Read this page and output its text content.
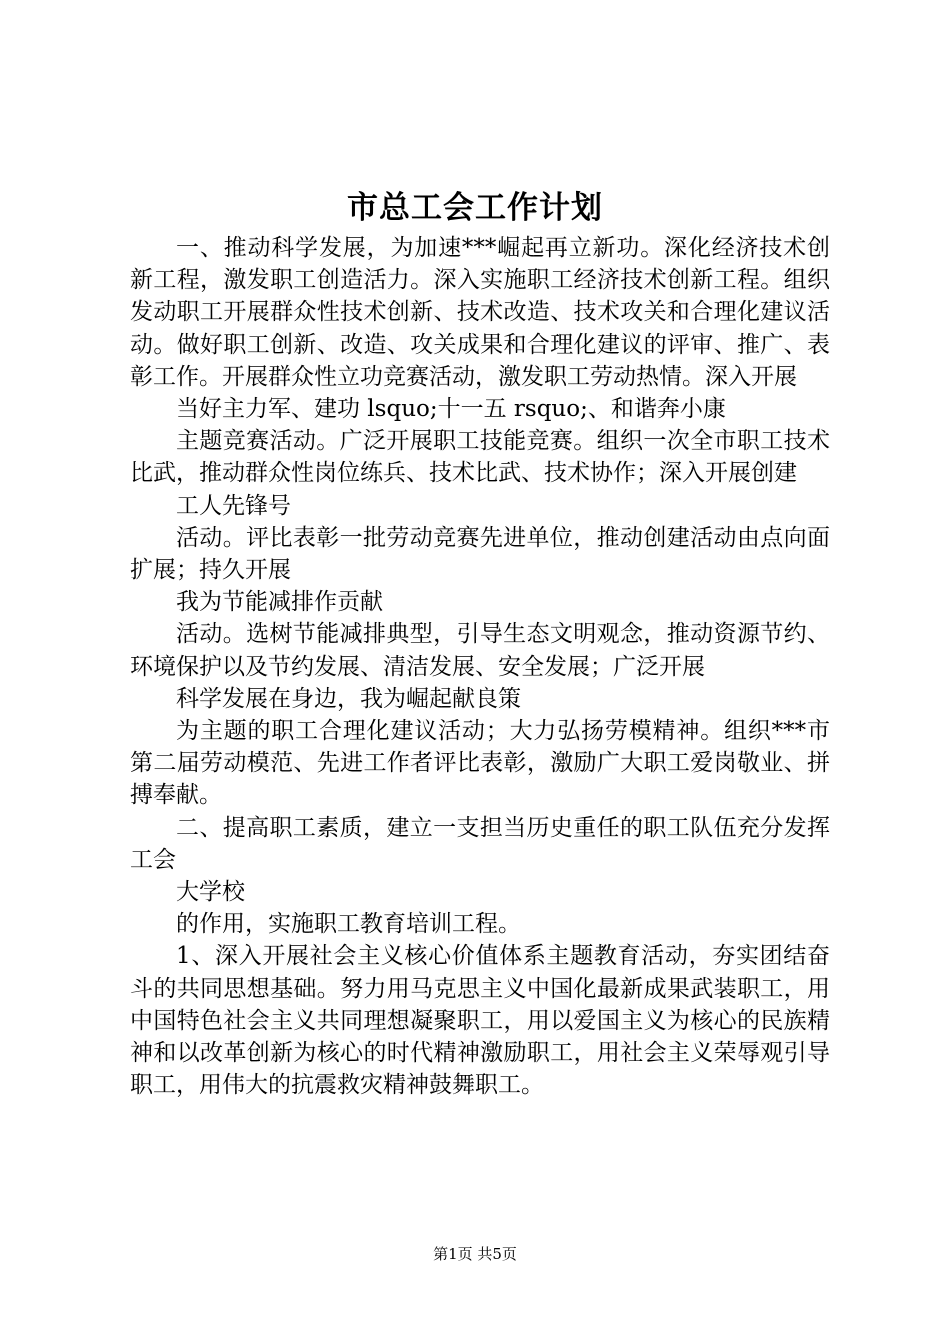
市总工会工作计划

一、推动科学发展，为加速***崛起再立新功。深化经济技术创新工程，激发职工创造活力。深入实施职工经济技术创新工程。组织发动职工开展群众性技术创新、技术改造、技术攻关和合理化建议活动。做好职工创新、改造、攻关成果和合理化建议的评审、推广、表彰工作。开展群众性立功竞赛活动，激发职工劳动热情。深入开展

当好主力军、建功 lsquo;十一五 rsquo;、和谐奔小康

主题竞赛活动。广泛开展职工技能竞赛。组织一次全市职工技术比武，推动群众性岗位练兵、技术比武、技术协作；深入开展创建

工人先锋号

活动。评比表彰一批劳动竞赛先进单位，推动创建活动由点向面扩展；持久开展

我为节能减排作贡献

活动。选树节能减排典型，引导生态文明观念，推动资源节约、环境保护以及节约发展、清洁发展、安全发展；广泛开展

科学发展在身边，我为崛起献良策

为主题的职工合理化建议活动；大力弘扬劳模精神。组织***市第二届劳动模范、先进工作者评比表彰，激励广大职工爱岗敬业、拼搏奉献。

二、提高职工素质，建立一支担当历史重任的职工队伍充分发挥工会

大学校

的作用，实施职工教育培训工程。

1、深入开展社会主义核心价值体系主题教育活动，夯实团结奋斗的共同思想基础。努力用马克思主义中国化最新成果武装职工，用中国特色社会主义共同理想凝聚职工，用以爱国主义为核心的民族精神和以改革创新为核心的时代精神激励职工，用社会主义荣辱观引导职工，用伟大的抗震救灾精神鼓舞职工。

第1页 共5页
